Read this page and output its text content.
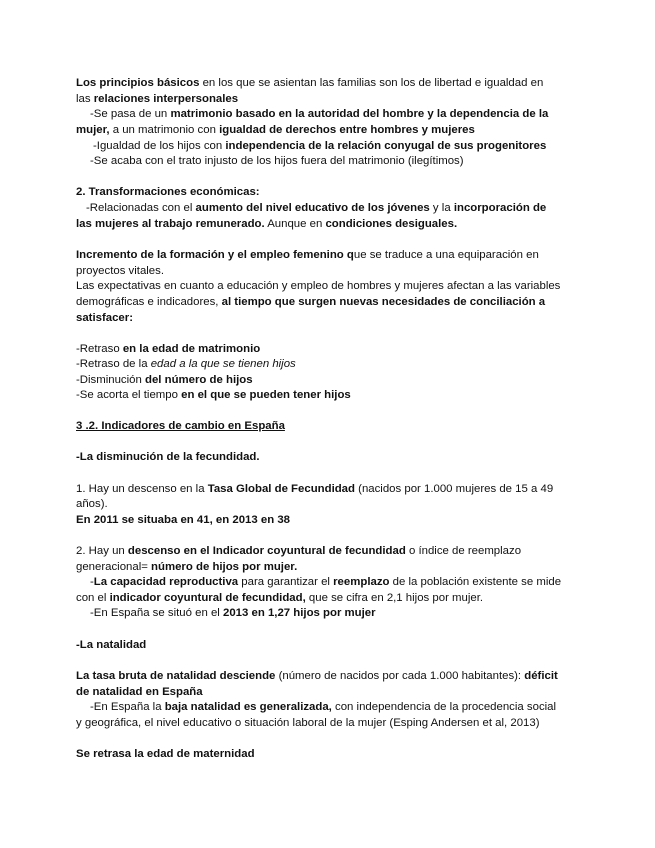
Los principios básicos en los que se asientan las familias son los de libertad e igualdad en
las relaciones interpersonales
-Se pasa de un matrimonio basado en la autoridad del hombre y la dependencia de la
mujer, a un matrimonio con igualdad de derechos entre hombres y mujeres
-Igualdad de los hijos con independencia de la relación conyugal de sus progenitores
-Se acaba con el trato injusto de los hijos fuera del matrimonio (ilegítimos)
2. Transformaciones económicas:
-Relacionadas con el aumento del nivel educativo de los jóvenes y la incorporación de
las mujeres al trabajo remunerado. Aunque en condiciones desiguales.
Incremento de la formación y el empleo femenino que se traduce a una equiparación en
proyectos vitales.
Las expectativas en cuanto a educación y empleo de hombres y mujeres afectan a las variables
demográficas e indicadores, al tiempo que surgen nuevas necesidades de conciliación a
satisfacer:
-Retraso en la edad de matrimonio
-Retraso de la edad a la que se tienen hijos
-Disminución del número de hijos
-Se acorta el tiempo en el que se pueden tener hijos
3 .2. Indicadores de cambio en España
-La disminución de la fecundidad.
1. Hay un descenso en la Tasa Global de Fecundidad (nacidos por 1.000 mujeres de 15 a 49
años).
En 2011 se situaba en 41, en 2013 en 38
2. Hay un descenso en el Indicador coyuntural de fecundidad o índice de reemplazo
generacional= número de hijos por mujer.
-La capacidad reproductiva para garantizar el reemplazo de la población existente se mide
con el indicador coyuntural de fecundidad, que se cifra en 2,1 hijos por mujer.
-En España se situó en el 2013 en 1,27 hijos por mujer
-La natalidad
La tasa bruta de natalidad desciende (número de nacidos por cada 1.000 habitantes): déficit
de natalidad en España
-En España la baja natalidad es generalizada, con independencia de la procedencia social
y geográfica, el nivel educativo o situación laboral de la mujer (Esping Andersen et al, 2013)
Se retrasa la edad de maternidad
